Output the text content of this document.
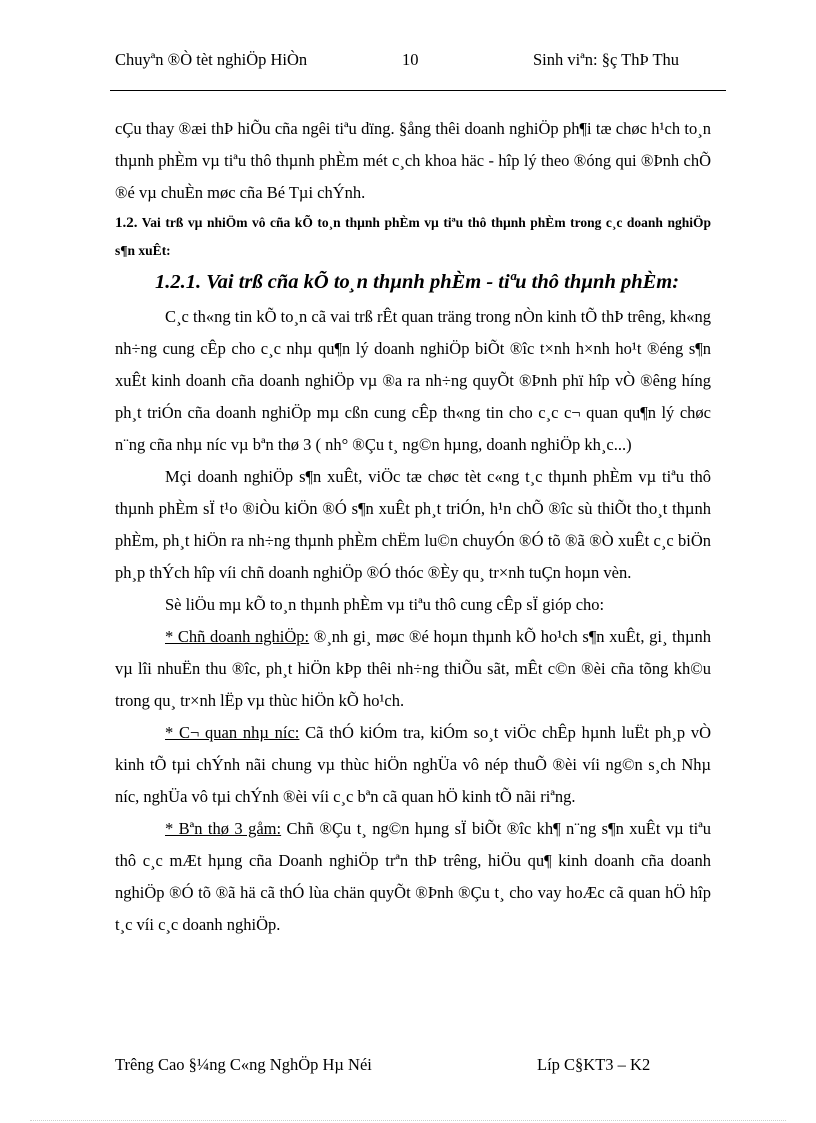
Chuyªn ®Ò tèt nghiÖp HiÒn	10	Sinh viªn: §ç ThÞ Thu

cÇu thay ®æi thÞ hiÕu cña ngêi tiªu dïng. §ång thêi doanh nghiÖp ph¶i tæ chøc h¹ch to¸n thµnh phÈm vµ tiªu thô thµnh phÈm mét c¸ch khoa häc - hîp lý theo ®óng qui ®Þnh chÕ ®é vµ chuÈn møc cña Bé Tµi chÝnh.

1.2. Vai trß vµ nhiÖm vô cña kÕ to¸n thµnh phÈm vµ tiªu thô thµnh phÈm trong c¸c doanh nghiÖp s¶n xuÊt:

1.2.1. Vai trß cña kÕ to¸n thµnh phÈm - tiªu thô thµnh phÈm:

C¸c th«ng tin kÕ to¸n cã vai trß rÊt quan träng trong nÒn kinh tÕ thÞ trêng, kh«ng nh÷ng cung cÊp cho c¸c nhµ qu¶n lý doanh nghiÖp biÕt ®îc t×nh h×nh ho¹t ®éng s¶n xuÊt kinh doanh cña doanh nghiÖp vµ ®a ra nh÷ng quyÕt ®Þnh phï hîp vÒ ®êng híng ph¸t triÓn cña doanh nghiÖp mµ cßn cung cÊp th«ng tin cho c¸c c¬ quan qu¶n lý chøc n¨ng cña nhµ níc vµ bªn thø 3 ( nh° ®Çu t¸ ng©n hµng, doanh nghiÖp kh¸c...)

Mçi doanh nghiÖp s¶n xuÊt, viÖc tæ chøc tèt c«ng t¸c thµnh phÈm vµ tiªu thô thµnh phÈm sÏ t¹o ®iÒu kiÖn ®Ó s¶n xuÊt ph¸t triÓn, h¹n chÕ ®îc sù thiÕt tho¸t thµnh phÈm, ph¸t hiÖn ra nh÷ng thµnh phÈm chËm lu©n chuyÓn ®Ó tõ ®ã ®Ò xuÊt c¸c biÖn ph¸p thÝch hîp víi chñ doanh nghiÖp ®Ó thóc ®Èy qu¸ tr×nh tuÇn hoµn vèn.

Sè liÖu mµ kÕ to¸n thµnh phÈm vµ tiªu thô cung cÊp sÏ gióp cho:

* Chñ doanh nghiÖp: ®¸nh gi¸ møc ®é hoµn thµnh kÕ ho¹ch s¶n xuÊt, gi¸ thµnh vµ lîi nhuËn thu ®îc, ph¸t hiÖn kÞp thêi nh÷ng thiÕu sãt, mÊt c©n ®èi cña tõng kh©u trong qu¸ tr×nh lËp vµ thùc hiÖn kÕ ho¹ch.

* C¬ quan nhµ níc: Cã thÓ kiÓm tra, kiÓm so¸t viÖc chÊp hµnh luËt ph¸p vÒ kinh tÕ tµi chÝnh nãi chung vµ thùc hiÖn nghÜa vô nép thuÕ ®èi víi ng©n s¸ch Nhµ níc, nghÜa vô tµi chÝnh ®èi víi c¸c bªn cã quan hÖ kinh tÕ nãi riªng.

* Bªn thø 3 gåm: Chñ ®Çu t¸ ng©n hµng sÏ biÕt ®îc kh¶ n¨ng s¶n xuÊt vµ tiªu thô c¸c mÆt hµng cña Doanh nghiÖp trªn thÞ trêng, hiÖu qu¶ kinh doanh cña doanh nghiÖp ®Ó tõ ®ã hä cã thÓ lùa chän quyÕt ®Þnh ®Çu t¸ cho vay hoÆc cã quan hÖ hîp t¸c víi c¸c doanh nghiÖp.

Trêng Cao §¼ng C«ng NghÖp Hµ Néi	Líp C§KT3 – K2
